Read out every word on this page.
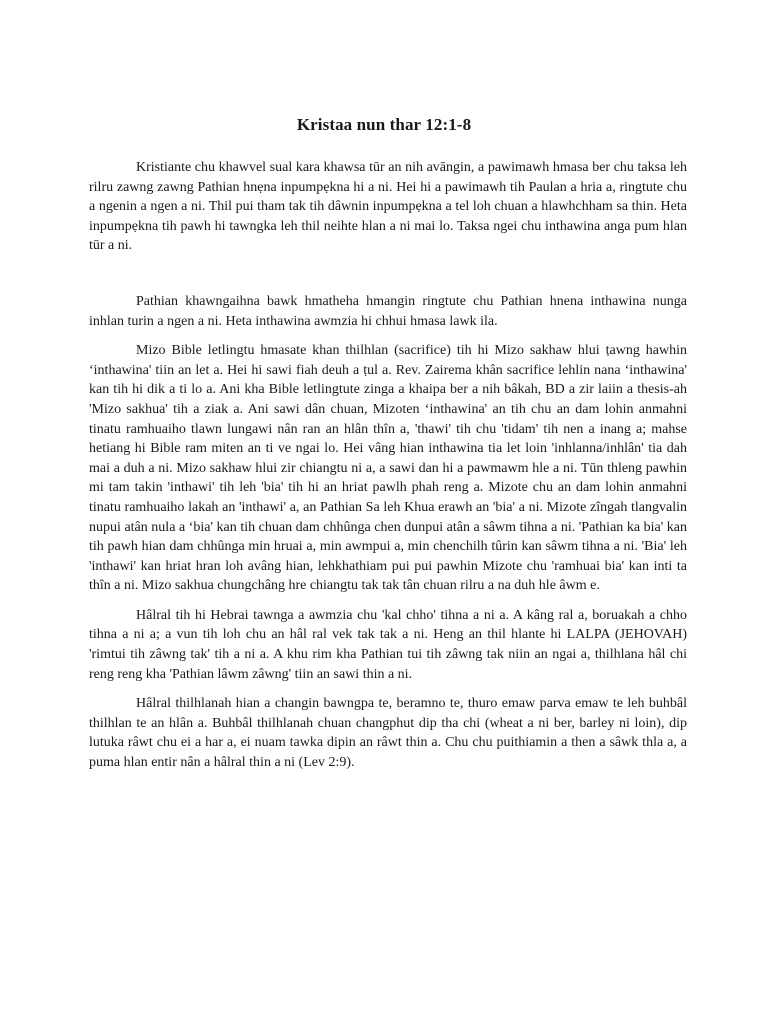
Kristaa nun thar 12:1-8

Kristiante chu khawvel sual kara khawsa tūr an nih avāngin, a pawimawh hmasa ber chu taksa leh rilru zawng zawng Pathian hnẹna inpumpẹkna hi a ni. Hei hi a pawimawh tih Paulan a hria a, ringtute chu a ngenin a ngen a ni. Thil pui tham tak tih dâwnin inpumpẹkna a tel loh chuan a hlawhchham sa thin. Heta inpumpẹkna tih pawh hi tawngka leh thil neihte hlan a ni mai lo. Taksa ngei chu inthawina anga pum hlan tūr a ni.

Pathian khawngaihna bawk hmatheha hmangin ringtute chu Pathian hnena inthawina nunga inhlan turin a ngen a ni. Heta inthawina awmzia hi chhui hmasa lawk ila.

Mizo Bible letlingtu hmasate khan thilhlan (sacrifice) tih hi Mizo sakhaw hlui ṭawng hawhin ‘inthawina' tiin an let a. Hei hi sawi fiah deuh a ṭul a. Rev. Zairema khân sacrifice lehlin nana ‘inthawina' kan tih hi dik a ti lo a. Ani kha Bible letlingtute zinga a khaipa ber a nih bâkah, BD a zir laiin a thesis-ah 'Mizo sakhua' tih a ziak a. Ani sawi dân chuan, Mizoten ‘inthawina' an tih chu an dam lohin anmahni tinatu ramhuaiho tlawn lungawi nân ran an hlân thîn a, 'thawi' tih chu 'tidam' tih nen a inang a; mahse hetiang hi Bible ram miten an ti ve ngai lo. Hei vâng hian inthawina tia let loin 'inhlanna/inhlân' tia dah mai a duh a ni. Mizo sakhaw hlui zir chiangtu ni a, a sawi dan hi a pawmawm hle a ni. Tūn thleng pawhin mi tam takin 'inthawi' tih leh 'bia' tih hi an hriat pawlh phah reng a. Mizote chu an dam lohin anmahni tinatu ramhuaiho lakah an 'inthawi' a, an Pathian Sa leh Khua erawh an 'bia' a ni. Mizote zîngah tlangvalin nupui atân nula a ‘bia' kan tih chuan dam chhûnga chen dunpui atân a sâwm tihna a ni. 'Pathian ka bia' kan tih pawh hian dam chhûnga min hruai a, min awmpui a, min chenchilh tûrin kan sâwm tihna a ni. 'Bia' leh 'inthawi' kan hriat hran loh avâng hian, lehkhathiam pui pui pawhin Mizote chu 'ramhuai bia' kan inti ta thîn a ni. Mizo sakhua chungchâng hre chiangtu tak tak tân chuan rilru a na duh hle âwm e.

Hâlral tih hi Hebrai tawnga a awmzia chu 'kal chho' tihna a ni a. A kâng ral a, boruakah a chho tihna a ni a; a vun tih loh chu an hâl ral vek tak tak a ni. Heng an thil hlante hi LALPA (JEHOVAH) 'rimtui tih zâwng tak' tih a ni a. A khu rim kha Pathian tui tih zâwng tak niin an ngai a, thilhlana hâl chi reng reng kha 'Pathian lâwm zâwng' tiin an sawi thin a ni.

Hâlral thilhlanah hian a changin bawngpa te, beramno te, thuro emaw parva emaw te leh buhbâl thilhlan te an hlân a. Buhbâl thilhlanah chuan changphut dip tha chi (wheat a ni ber, barley ni loin), dip lutuka râwt chu ei a har a, ei nuam tawka dipin an râwt thin a. Chu chu puithiamin a then a sâwk thla a, a puma hlan entir nân a hâlral thin a ni (Lev 2:9).
